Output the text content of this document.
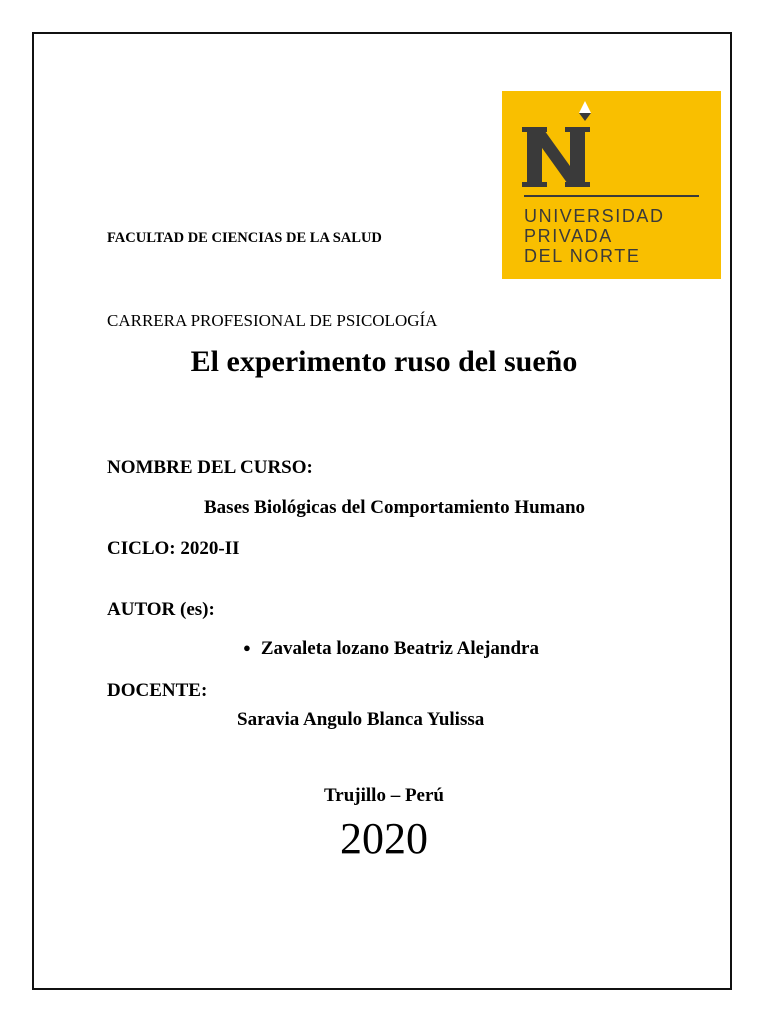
UNIVERSIDAD
PRIVADA
DEL NORTE
FACULTAD DE CIENCIAS DE LA SALUD
CARRERA PROFESIONAL DE PSICOLOGÍA
El experimento ruso del sueño
NOMBRE DEL CURSO:
Bases Biológicas del Comportamiento Humano
CICLO: 2020-II
AUTOR (es):
● Zavaleta lozano Beatriz Alejandra
DOCENTE:
Saravia Angulo Blanca Yulissa
Trujillo – Perú
2020
